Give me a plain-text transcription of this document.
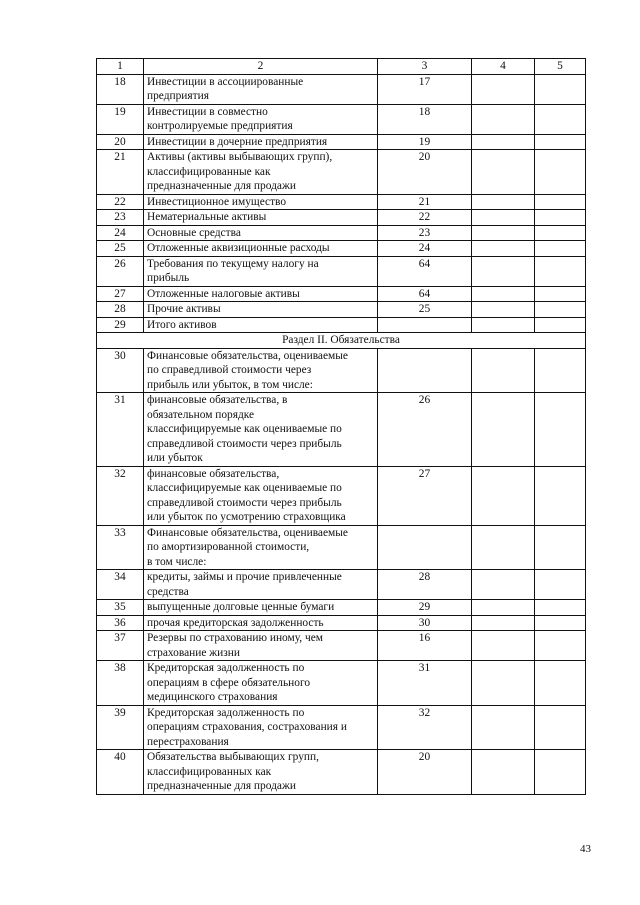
1	2	3	4	5
18	Инвестиции в ассоциированные
предприятия	17		
19	Инвестиции в совместно
контролируемые предприятия	18		
20	Инвестиции в дочерние предприятия	19		
21	Активы (активы выбывающих групп),
классифицированные как
предназначенные для продажи	20		
22	Инвестиционное имущество	21		
23	Нематериальные активы	22		
24	Основные средства	23		
25	Отложенные аквизиционные расходы	24		
26	Требования по текущему налогу на
прибыль	64		
27	Отложенные налоговые активы	64		
28	Прочие активы	25		
29	Итого активов			
Раздел II. Обязательства				
30	Финансовые обязательства, оцениваемые
по справедливой стоимости через
прибыль или убыток, в том числе:			
31	финансовые обязательства, в
обязательном порядке
классифицируемые как оцениваемые по
справедливой стоимости через прибыль
или убыток	26		
32	финансовые обязательства,
классифицируемые как оцениваемые по
справедливой стоимости через прибыль
или убыток по усмотрению страховщика	27		
33	Финансовые обязательства, оцениваемые
по амортизированной стоимости,
в том числе:			
34	кредиты, займы и прочие привлеченные
средства	28		
35	выпущенные долговые ценные бумаги	29		
36	прочая кредиторская задолженность	30		
37	Резервы по страхованию иному, чем
страхование жизни	16		
38	Кредиторская задолженность по
операциям в сфере обязательного
медицинского страхования	31		
39	Кредиторская задолженность по
операциям страхования, сострахования и
перестрахования	32		
40	Обязательства выбывающих групп,
классифицированных как
предназначенные для продажи	20		
43
